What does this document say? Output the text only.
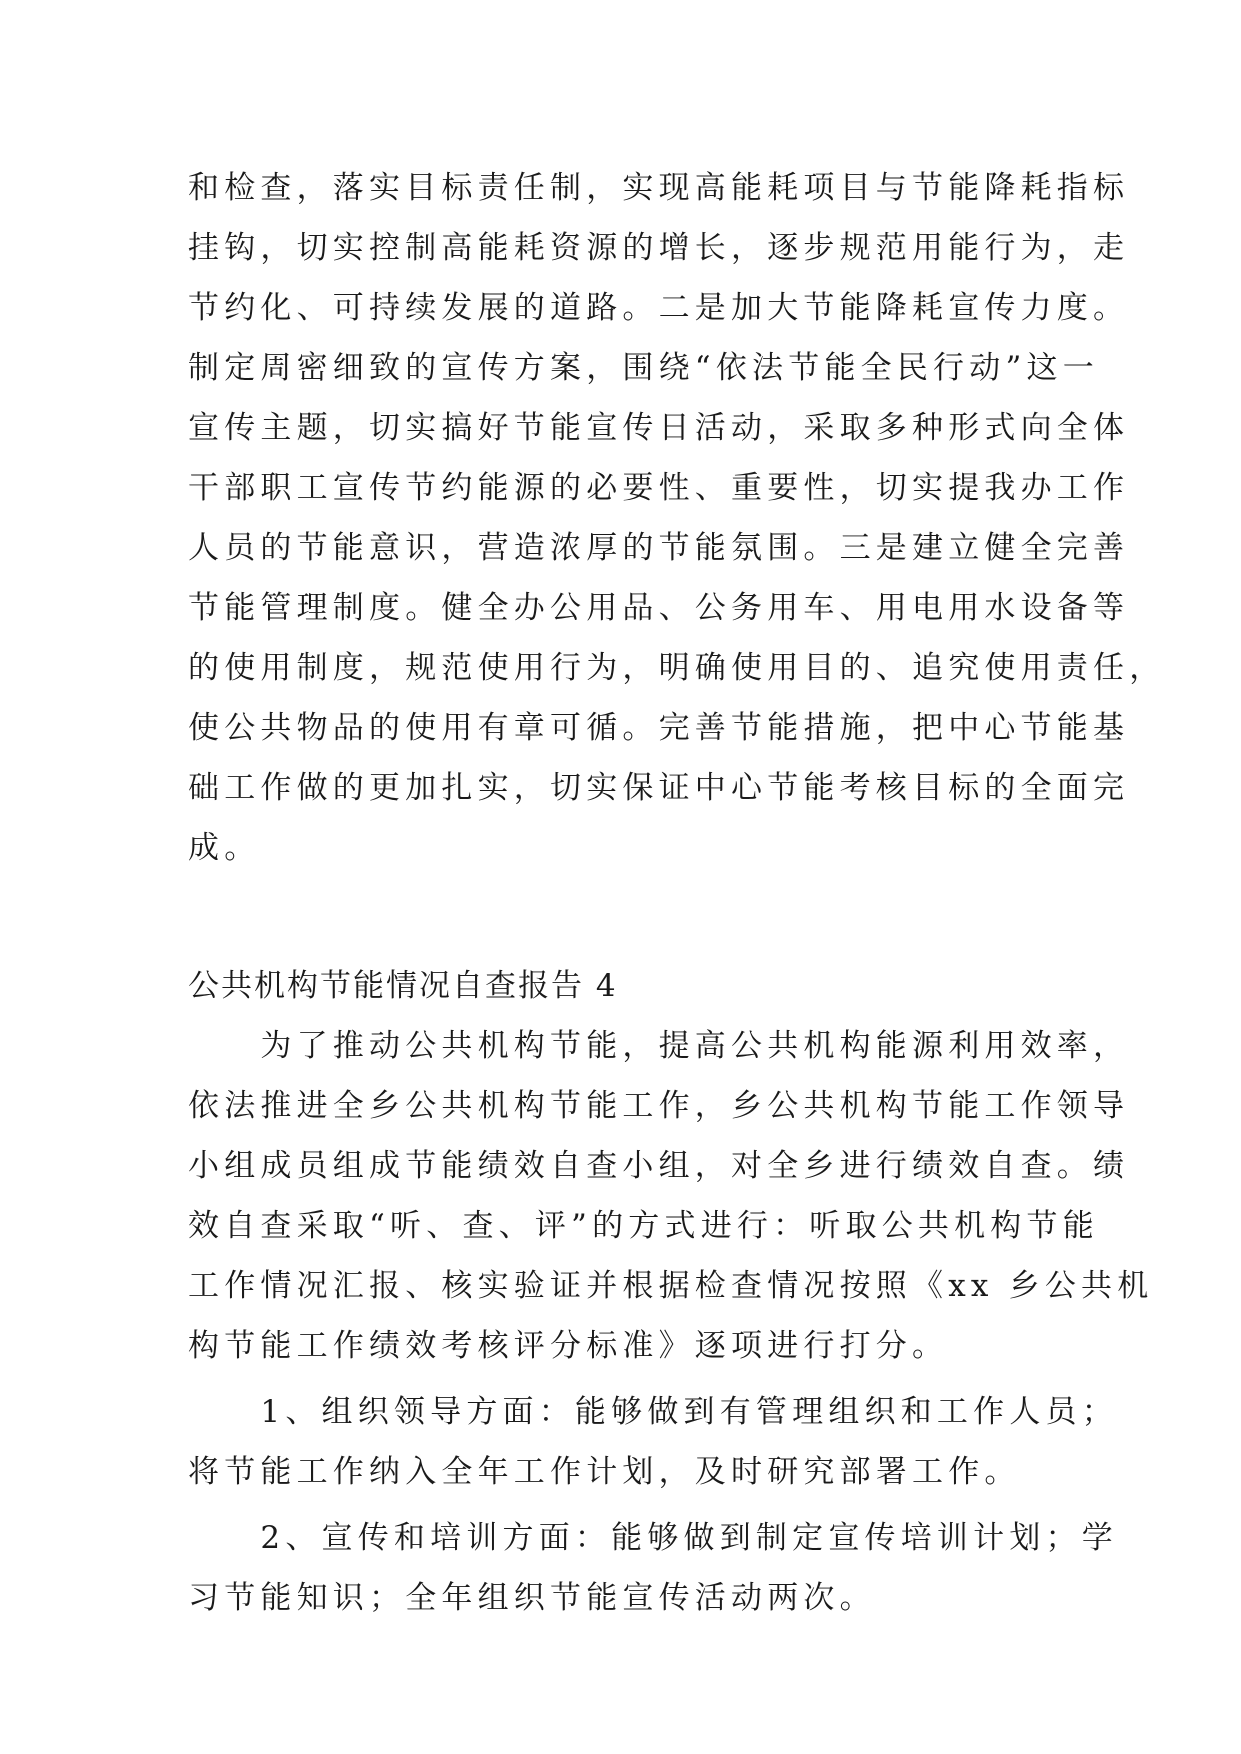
和检查，落实目标责任制，实现高能耗项目与节能降耗指标
挂钩，切实控制高能耗资源的增长，逐步规范用能行为，走
节约化、可持续发展的道路。二是加大节能降耗宣传力度。
制定周密细致的宣传方案，围绕“依法节能全民行动”这一
宣传主题，切实搞好节能宣传日活动，采取多种形式向全体
干部职工宣传节约能源的必要性、重要性，切实提我办工作
人员的节能意识，营造浓厚的节能氛围。三是建立健全完善
节能管理制度。健全办公用品、公务用车、用电用水设备等
的使用制度，规范使用行为，明确使用目的、追究使用责任，
使公共物品的使用有章可循。完善节能措施，把中心节能基
础工作做的更加扎实，切实保证中心节能考核目标的全面完
成。
公共机构节能情况自查报告 4
　　为了推动公共机构节能，提高公共机构能源利用效率，
依法推进全乡公共机构节能工作，乡公共机构节能工作领导
小组成员组成节能绩效自查小组，对全乡进行绩效自查。绩
效自查采取“听、查、评”的方式进行：听取公共机构节能
工作情况汇报、核实验证并根据检查情况按照《xx 乡公共机
构节能工作绩效考核评分标准》逐项进行打分。
　　1、组织领导方面：能够做到有管理组织和工作人员；
将节能工作纳入全年工作计划，及时研究部署工作。
　　2、宣传和培训方面：能够做到制定宣传培训计划；学
习节能知识；全年组织节能宣传活动两次。
